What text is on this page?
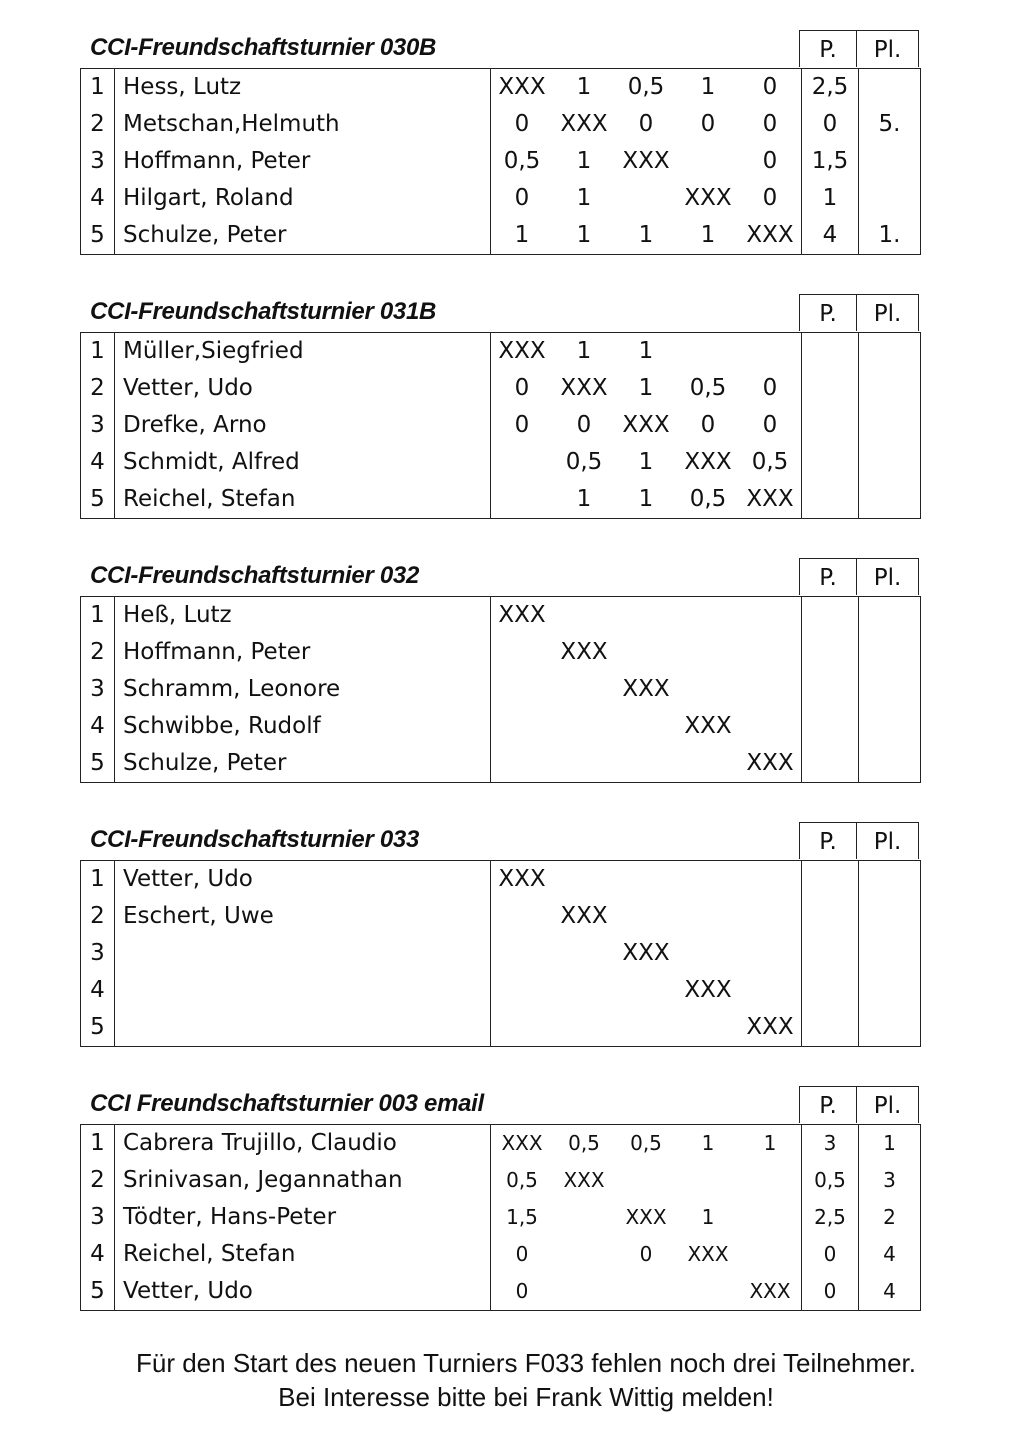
CCI-Freundschaftsturnier 030B	P.	Pl.
1	Hess, Lutz	XXX	1	0,5	1	0	2,5	
2	Metschan,Helmuth	0	XXX	0	0	0	0	5.
3	Hoffmann, Peter	0,5	1	XXX		0	1,5	
4	Hilgart, Roland	0	1		XXX	0	1	
5	Schulze, Peter	1	1	1	1	XXX	4	1.
CCI-Freundschaftsturnier 031B	P.	Pl.
1	Müller,Siegfried	XXX	1	1				
2	Vetter, Udo	0	XXX	1	0,5	0		
3	Drefke, Arno	0	0	XXX	0	0		
4	Schmidt, Alfred		0,5	1	XXX	0,5		
5	Reichel, Stefan		1	1	0,5	XXX		
CCI-Freundschaftsturnier 032	P.	Pl.
1	Heß, Lutz	XXX						
2	Hoffmann, Peter		XXX					
3	Schramm, Leonore			XXX				
4	Schwibbe, Rudolf				XXX			
5	Schulze, Peter					XXX		
CCI-Freundschaftsturnier 033	P.	Pl.
1	Vetter, Udo	XXX						
2	Eschert, Uwe		XXX					
3				XXX				
4					XXX			
5						XXX		
CCI Freundschaftsturnier 003 email	P.	Pl.
1	Cabrera Trujillo, Claudio	XXX	0,5	0,5	1	1	3	1
2	Srinivasan, Jegannathan	0,5	XXX				0,5	3
3	Tödter, Hans-Peter	1,5		XXX	1		2,5	2
4	Reichel, Stefan	0		0	XXX		0	4
5	Vetter, Udo	0				XXX	0	4
Für den Start des neuen Turniers F033 fehlen noch drei Teilnehmer.
Bei Interesse bitte bei Frank Wittig melden!
